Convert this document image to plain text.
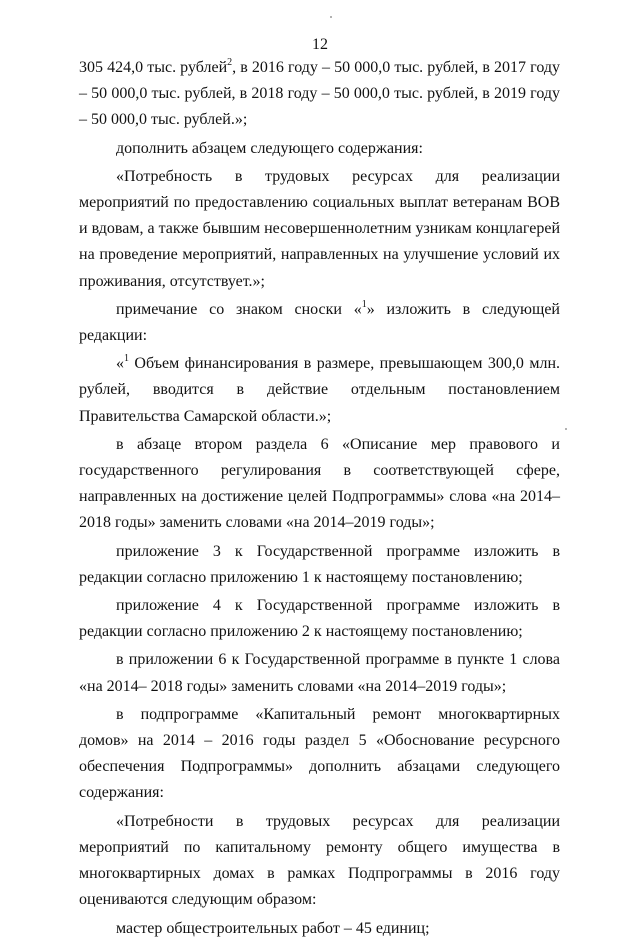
12

305 424,0 тыс. рублей$^2$, в 2016 году – 50 000,0 тыс. рублей, в 2017 году – 50 000,0 тыс. рублей, в 2018 году – 50 000,0 тыс. рублей, в 2019 году – 50 000,0 тыс. рублей.»;

дополнить абзацем следующего содержания:

«Потребность в трудовых ресурсах для реализации мероприятий по предоставлению социальных выплат ветеранам ВОВ и вдовам, а также бывшим несовершеннолетним узникам концлагерей на проведение мероприятий, направленных на улучшение условий их проживания, отсутствует.»;

примечание со знаком сноски «$^1$» изложить в следующей редакции:

«$^1$ Объем финансирования в размере, превышающем 300,0 млн. рублей, вводится в действие отдельным постановлением Правительства Самарской области.»;

в абзаце втором раздела 6 «Описание мер правового и государственного регулирования в соответствующей сфере, направленных на достижение целей Подпрограммы» слова «на 2014–2018 годы» заменить словами «на 2014–2019 годы»;

приложение 3 к Государственной программе изложить в редакции согласно приложению 1 к настоящему постановлению;

приложение 4 к Государственной программе изложить в редакции согласно приложению 2 к настоящему постановлению;

в приложении 6 к Государственной программе в пункте 1 слова «на 2014– 2018 годы» заменить словами «на 2014–2019 годы»;

в подпрограмме «Капитальный ремонт многоквартирных домов» на 2014 – 2016 годы раздел 5 «Обоснование ресурсного обеспечения Подпрограммы» дополнить абзацами следующего содержания:

«Потребности в трудовых ресурсах для реализации мероприятий по капитальному ремонту общего имущества в многоквартирных домах в рамках Подпрограммы в 2016 году оцениваются следующим образом:

мастер общестроительных работ – 45 единиц;
